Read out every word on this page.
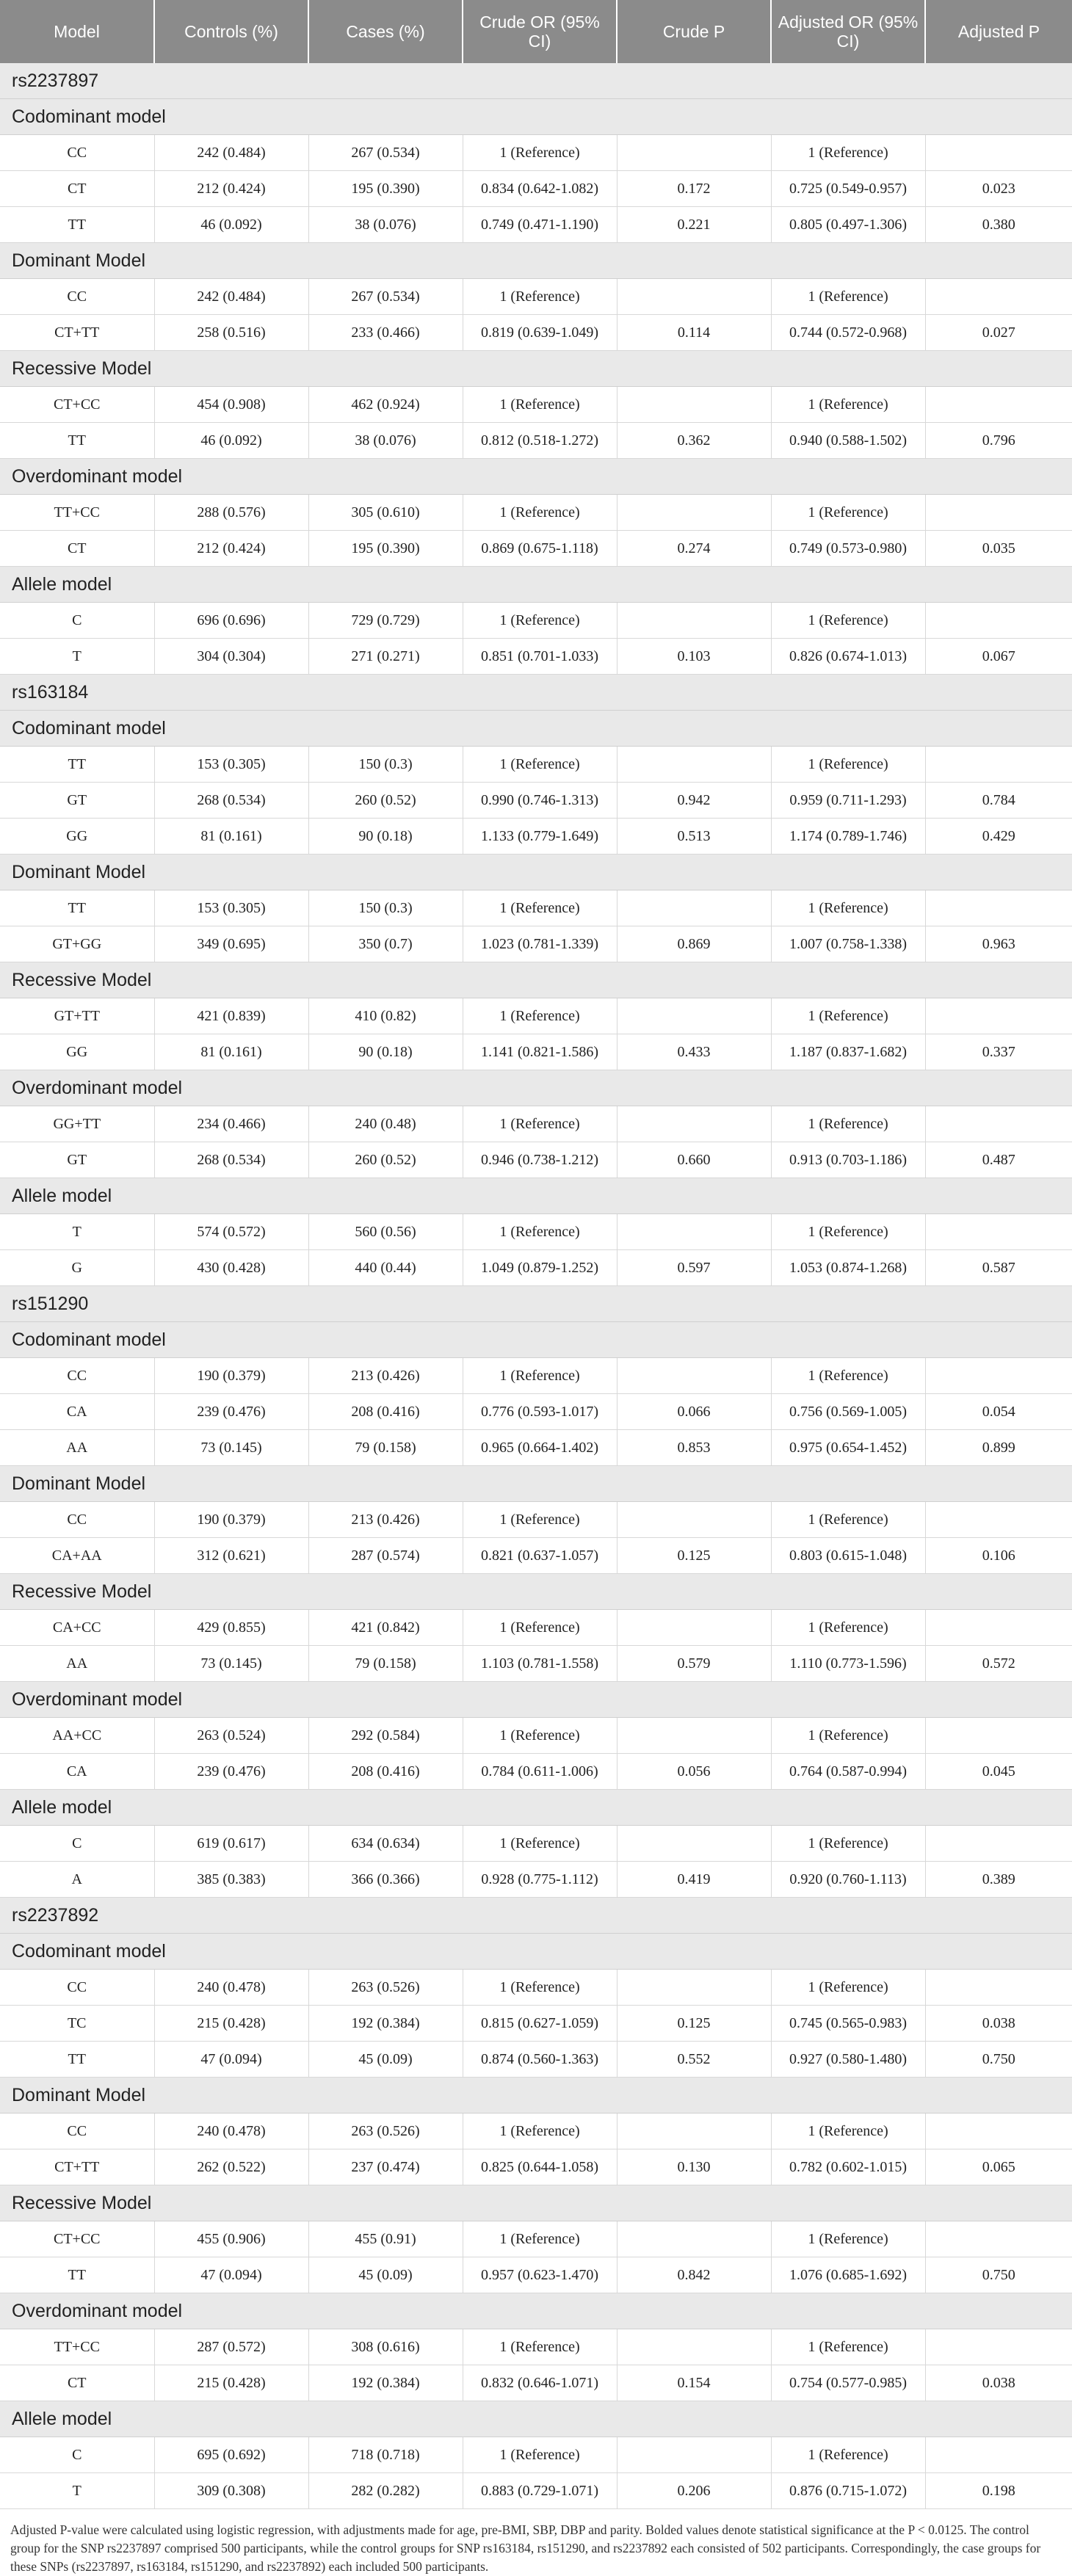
Model	Controls (%)	Cases (%)	Crude OR (95% CI)	Crude P	Adjusted OR (95% CI)	Adjusted P
rs2237897						
Codominant model						
CC	242 (0.484)	267 (0.534)	1 (Reference)		1 (Reference)	
CT	212 (0.424)	195 (0.390)	0.834 (0.642-1.082)	0.172	0.725 (0.549-0.957)	0.023
TT	46 (0.092)	38 (0.076)	0.749 (0.471-1.190)	0.221	0.805 (0.497-1.306)	0.380
Dominant Model						
CC	242 (0.484)	267 (0.534)	1 (Reference)		1 (Reference)	
CT+TT	258 (0.516)	233 (0.466)	0.819 (0.639-1.049)	0.114	0.744 (0.572-0.968)	0.027
Recessive Model						
CT+CC	454 (0.908)	462 (0.924)	1 (Reference)		1 (Reference)	
TT	46 (0.092)	38 (0.076)	0.812 (0.518-1.272)	0.362	0.940 (0.588-1.502)	0.796
Overdominant model						
TT+CC	288 (0.576)	305 (0.610)	1 (Reference)		1 (Reference)	
CT	212 (0.424)	195 (0.390)	0.869 (0.675-1.118)	0.274	0.749 (0.573-0.980)	0.035
Allele model						
C	696 (0.696)	729 (0.729)	1 (Reference)		1 (Reference)	
T	304 (0.304)	271 (0.271)	0.851 (0.701-1.033)	0.103	0.826 (0.674-1.013)	0.067
rs163184						
Codominant model						
TT	153 (0.305)	150 (0.3)	1 (Reference)		1 (Reference)	
GT	268 (0.534)	260 (0.52)	0.990 (0.746-1.313)	0.942	0.959 (0.711-1.293)	0.784
GG	81 (0.161)	90 (0.18)	1.133 (0.779-1.649)	0.513	1.174 (0.789-1.746)	0.429
Dominant Model						
TT	153 (0.305)	150 (0.3)	1 (Reference)		1 (Reference)	
GT+GG	349 (0.695)	350 (0.7)	1.023 (0.781-1.339)	0.869	1.007 (0.758-1.338)	0.963
Recessive Model						
GT+TT	421 (0.839)	410 (0.82)	1 (Reference)		1 (Reference)	
GG	81 (0.161)	90 (0.18)	1.141 (0.821-1.586)	0.433	1.187 (0.837-1.682)	0.337
Overdominant model						
GG+TT	234 (0.466)	240 (0.48)	1 (Reference)		1 (Reference)	
GT	268 (0.534)	260 (0.52)	0.946 (0.738-1.212)	0.660	0.913 (0.703-1.186)	0.487
Allele model						
T	574 (0.572)	560 (0.56)	1 (Reference)		1 (Reference)	
G	430 (0.428)	440 (0.44)	1.049 (0.879-1.252)	0.597	1.053 (0.874-1.268)	0.587
rs151290						
Codominant model						
CC	190 (0.379)	213 (0.426)	1 (Reference)		1 (Reference)	
CA	239 (0.476)	208 (0.416)	0.776 (0.593-1.017)	0.066	0.756 (0.569-1.005)	0.054
AA	73 (0.145)	79 (0.158)	0.965 (0.664-1.402)	0.853	0.975 (0.654-1.452)	0.899
Dominant Model						
CC	190 (0.379)	213 (0.426)	1 (Reference)		1 (Reference)	
CA+AA	312 (0.621)	287 (0.574)	0.821 (0.637-1.057)	0.125	0.803 (0.615-1.048)	0.106
Recessive Model						
CA+CC	429 (0.855)	421 (0.842)	1 (Reference)		1 (Reference)	
AA	73 (0.145)	79 (0.158)	1.103 (0.781-1.558)	0.579	1.110 (0.773-1.596)	0.572
Overdominant model						
AA+CC	263 (0.524)	292 (0.584)	1 (Reference)		1 (Reference)	
CA	239 (0.476)	208 (0.416)	0.784 (0.611-1.006)	0.056	0.764 (0.587-0.994)	0.045
Allele model						
C	619 (0.617)	634 (0.634)	1 (Reference)		1 (Reference)	
A	385 (0.383)	366 (0.366)	0.928 (0.775-1.112)	0.419	0.920 (0.760-1.113)	0.389
rs2237892						
Codominant model						
CC	240 (0.478)	263 (0.526)	1 (Reference)		1 (Reference)	
TC	215 (0.428)	192 (0.384)	0.815 (0.627-1.059)	0.125	0.745 (0.565-0.983)	0.038
TT	47 (0.094)	45 (0.09)	0.874 (0.560-1.363)	0.552	0.927 (0.580-1.480)	0.750
Dominant Model						
CC	240 (0.478)	263 (0.526)	1 (Reference)		1 (Reference)	
CT+TT	262 (0.522)	237 (0.474)	0.825 (0.644-1.058)	0.130	0.782 (0.602-1.015)	0.065
Recessive Model						
CT+CC	455 (0.906)	455 (0.91)	1 (Reference)		1 (Reference)	
TT	47 (0.094)	45 (0.09)	0.957 (0.623-1.470)	0.842	1.076 (0.685-1.692)	0.750
Overdominant model						
TT+CC	287 (0.572)	308 (0.616)	1 (Reference)		1 (Reference)	
CT	215 (0.428)	192 (0.384)	0.832 (0.646-1.071)	0.154	0.754 (0.577-0.985)	0.038
Allele model						
C	695 (0.692)	718 (0.718)	1 (Reference)		1 (Reference)	
T	309 (0.308)	282 (0.282)	0.883 (0.729-1.071)	0.206	0.876 (0.715-1.072)	0.198
Adjusted P-value were calculated using logistic regression, with adjustments made for age, pre-BMI, SBP, DBP and parity. Bolded values denote statistical significance at the P < 0.0125. The control group for the SNP rs2237897 comprised 500 participants, while the control groups for SNP rs163184, rs151290, and rs2237892 each consisted of 502 participants. Correspondingly, the case groups for these SNPs (rs2237897, rs163184, rs151290, and rs2237892) each included 500 participants.
